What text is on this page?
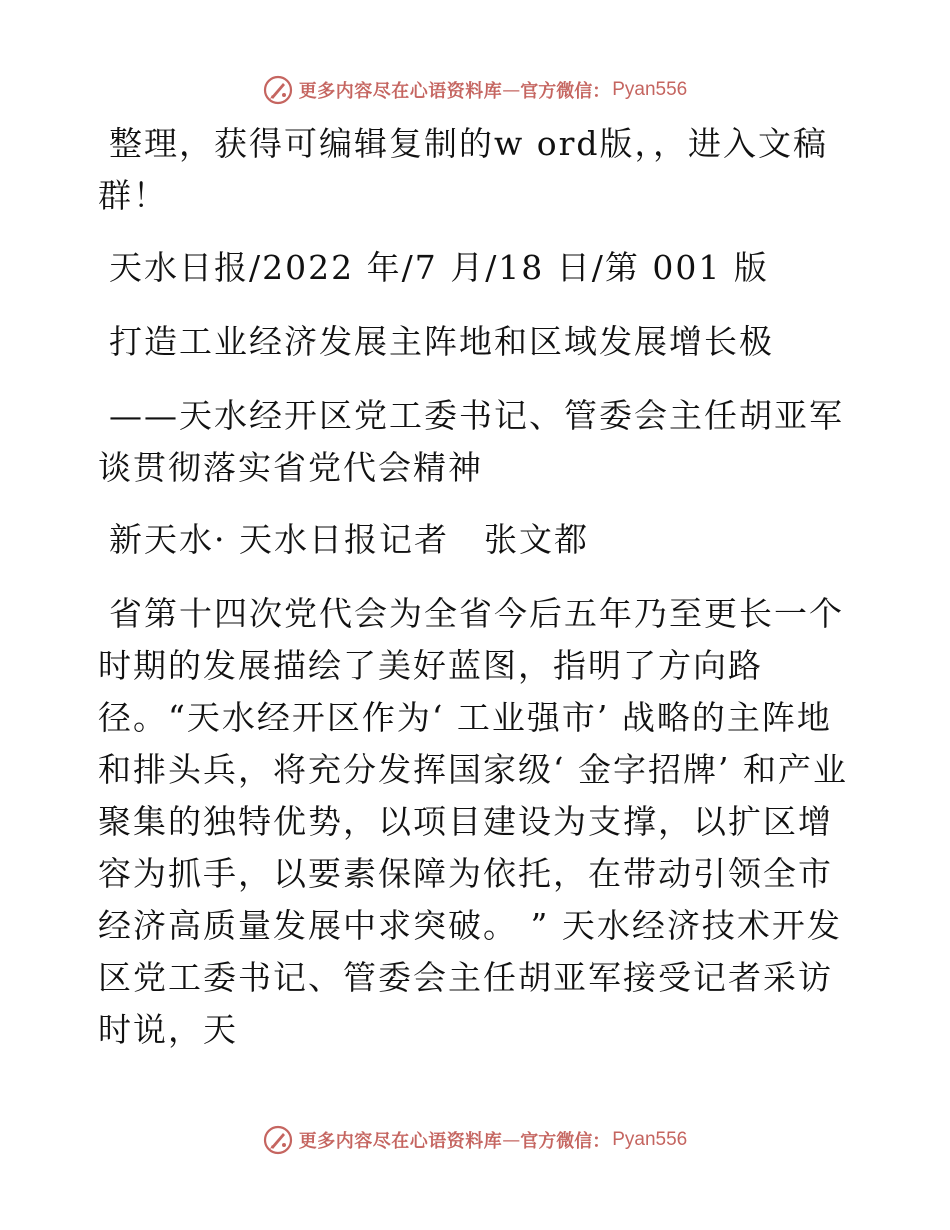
更多内容尽在心语资料库 — 官方微信： Pyan556

整理，获得可编辑复制的w ord版，，进入文稿群！

天水日报/2022 年/7 月/18 日/第 001 版

打造工业经济发展主阵地和区域发展增长极

——天水经开区党工委书记、管委会主任胡亚军谈贯彻落实省党代会精神

新天水· 天水日报记者　张文都

省第十四次党代会为全省今后五年乃至更长一个时期的发展描绘了美好蓝图，指明了方向路径。“天水经开区作为‘ 工业强市’ 战略的主阵地和排头兵，将充分发挥国家级‘ 金字招牌’ 和产业聚集的独特优势，以项目建设为支撑，以扩区增容为抓手，以要素保障为依托，在带动引领全市经济高质量发展中求突破。 ” 天水经济技术开发区党工委书记、管委会主任胡亚军接受记者采访时说，天

更多内容尽在心语资料库 — 官方微信： Pyan556
